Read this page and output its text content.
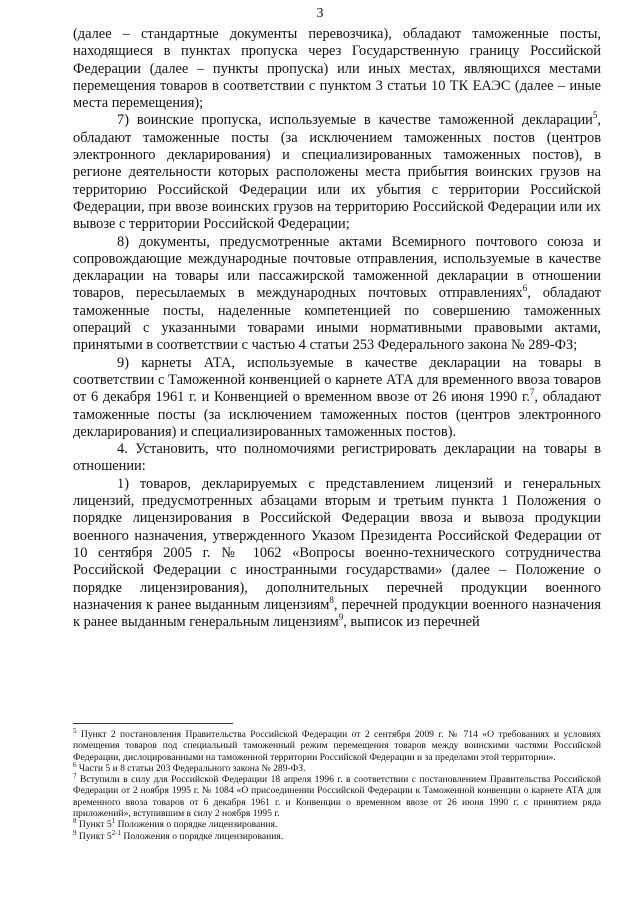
3

(далее – стандартные документы перевозчика), обладают таможенные посты, находящиеся в пунктах пропуска через Государственную границу Российской Федерации (далее – пункты пропуска) или иных местах, являющихся местами перемещения товаров в соответствии с пунктом 3 статьи 10 ТК ЕАЭС (далее – иные места перемещения);

7) воинские пропуска, используемые в качестве таможенной декларации$^5$, обладают таможенные посты (за исключением таможенных постов (центров электронного декларирования) и специализированных таможенных постов), в регионе деятельности которых расположены места прибытия воинских грузов на территорию Российской Федерации или их убытия с территории Российской Федерации, при ввозе воинских грузов на территорию Российской Федерации или их вывозе с территории Российской Федерации;

8) документы, предусмотренные актами Всемирного почтового союза и сопровождающие международные почтовые отправления, используемые в качестве декларации на товары или пассажирской таможенной декларации в отношении товаров, пересылаемых в международных почтовых отправлениях$^6$, обладают таможенные посты, наделенные компетенцией по совершению таможенных операций с указанными товарами иными нормативными правовыми актами, принятыми в соответствии с частью 4 статьи 253 Федерального закона № 289-ФЗ;

9) карнеты АТА, используемые в качестве декларации на товары в соответствии с Таможенной конвенцией о карнете АТА для временного ввоза товаров от 6 декабря 1961 г. и Конвенцией о временном ввозе от 26 июня 1990 г.$^7$, обладают таможенные посты (за исключением таможенных постов (центров электронного декларирования) и специализированных таможенных постов).

4. Установить, что полномочиями регистрировать декларации на товары в отношении:

1) товаров, декларируемых с представлением лицензий и генеральных лицензий, предусмотренных абзацами вторым и третьим пункта 1 Положения о порядке лицензирования в Российской Федерации ввоза и вывоза продукции военного назначения, утвержденного Указом Президента Российской Федерации от 10 сентября 2005 г. № 1062 «Вопросы военно-технического сотрудничества Российской Федерации с иностранными государствами» (далее – Положение о порядке лицензирования), дополнительных перечней продукции военного назначения к ранее выданным лицензиям$^8$, перечней продукции военного назначения к ранее выданным генеральным лицензиям$^9$, выписок из перечней

$^5$ Пункт 2 постановления Правительства Российской Федерации от 2 сентября 2009 г. № 714 «О требованиях и условиях помещения товаров под специальный таможенный режим перемещения товаров между воинскими частями Российской Федерации, дислоцированными на таможенной территории Российской Федерации и за пределами этой территории».

$^6$ Части 5 и 8 статьи 203 Федерального закона № 289-ФЗ.

$^7$ Вступили в силу для Российской Федерации 18 апреля 1996 г. в соответствии с постановлением Правительства Российской Федерации от 2 ноября 1995 г. № 1084 «О присоединении Российской Федерации к Таможенной конвенции о карнете АТА для временного ввоза товаров от 6 декабря 1961 г. и Конвенции о временном ввозе от 26 июня 1990 г. с принятием ряда приложений», вступившим в силу 2 ноября 1995 г.

$^8$ Пункт $5^1$ Положения о порядке лицензирования.

$^9$ Пункт 5$^{2-1}$ Положения о порядке лицензирования.
